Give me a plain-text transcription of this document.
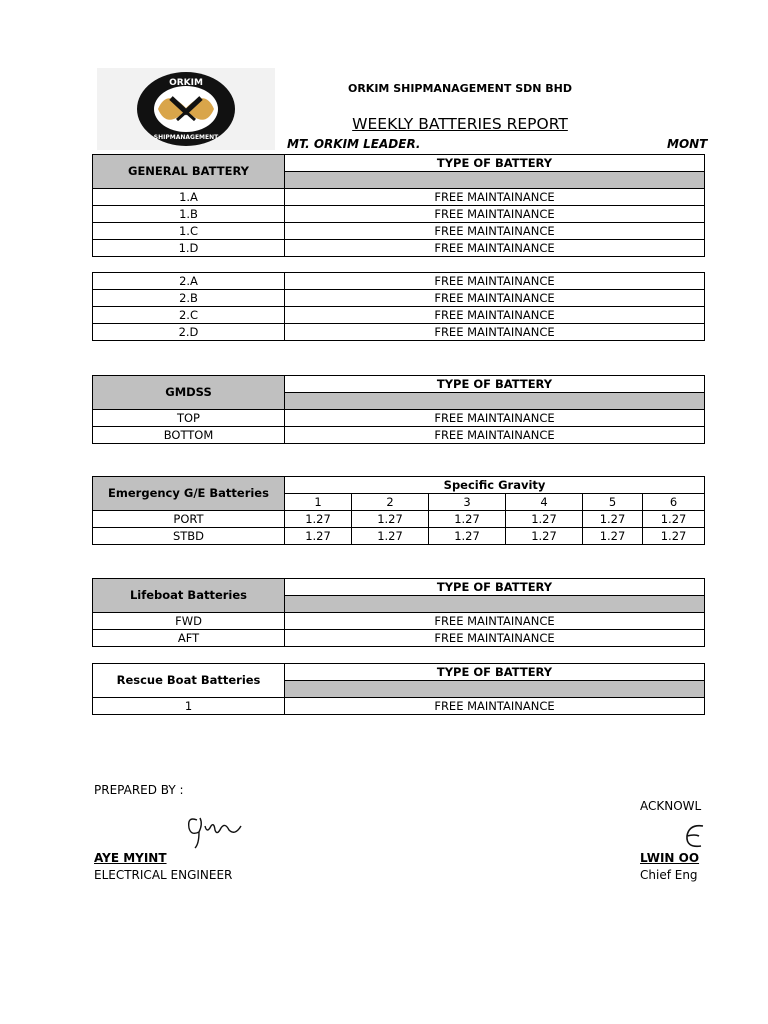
ORKIM
SHIPMANAGEMENT
ORKIM SHIPMANAGEMENT SDN BHD
WEEKLY BATTERIES REPORT
MT. ORKIM LEADER.	MONT
GENERAL BATTERY	TYPE OF BATTERY

1.A	FREE MAINTAINANCE
1.B	FREE MAINTAINANCE
1.C	FREE MAINTAINANCE
1.D	FREE MAINTAINANCE
2.A	FREE MAINTAINANCE
2.B	FREE MAINTAINANCE
2.C	FREE MAINTAINANCE
2.D	FREE MAINTAINANCE
GMDSS	TYPE OF BATTERY

TOP	FREE MAINTAINANCE
BOTTOM	FREE MAINTAINANCE
Emergency G/E Batteries	Specific Gravity					
	1	2	3	4	5	6
PORT	1.27	1.27	1.27	1.27	1.27	1.27
STBD	1.27	1.27	1.27	1.27	1.27	1.27
Lifeboat Batteries	TYPE OF BATTERY

FWD	FREE MAINTAINANCE
AFT	FREE MAINTAINANCE
Rescue Boat Batteries	TYPE OF BATTERY

1	FREE MAINTAINANCE
PREPARED BY :
AYE MYINT
ELECTRICAL ENGINEER
ACKNOWL
LWIN OO
Chief Eng
